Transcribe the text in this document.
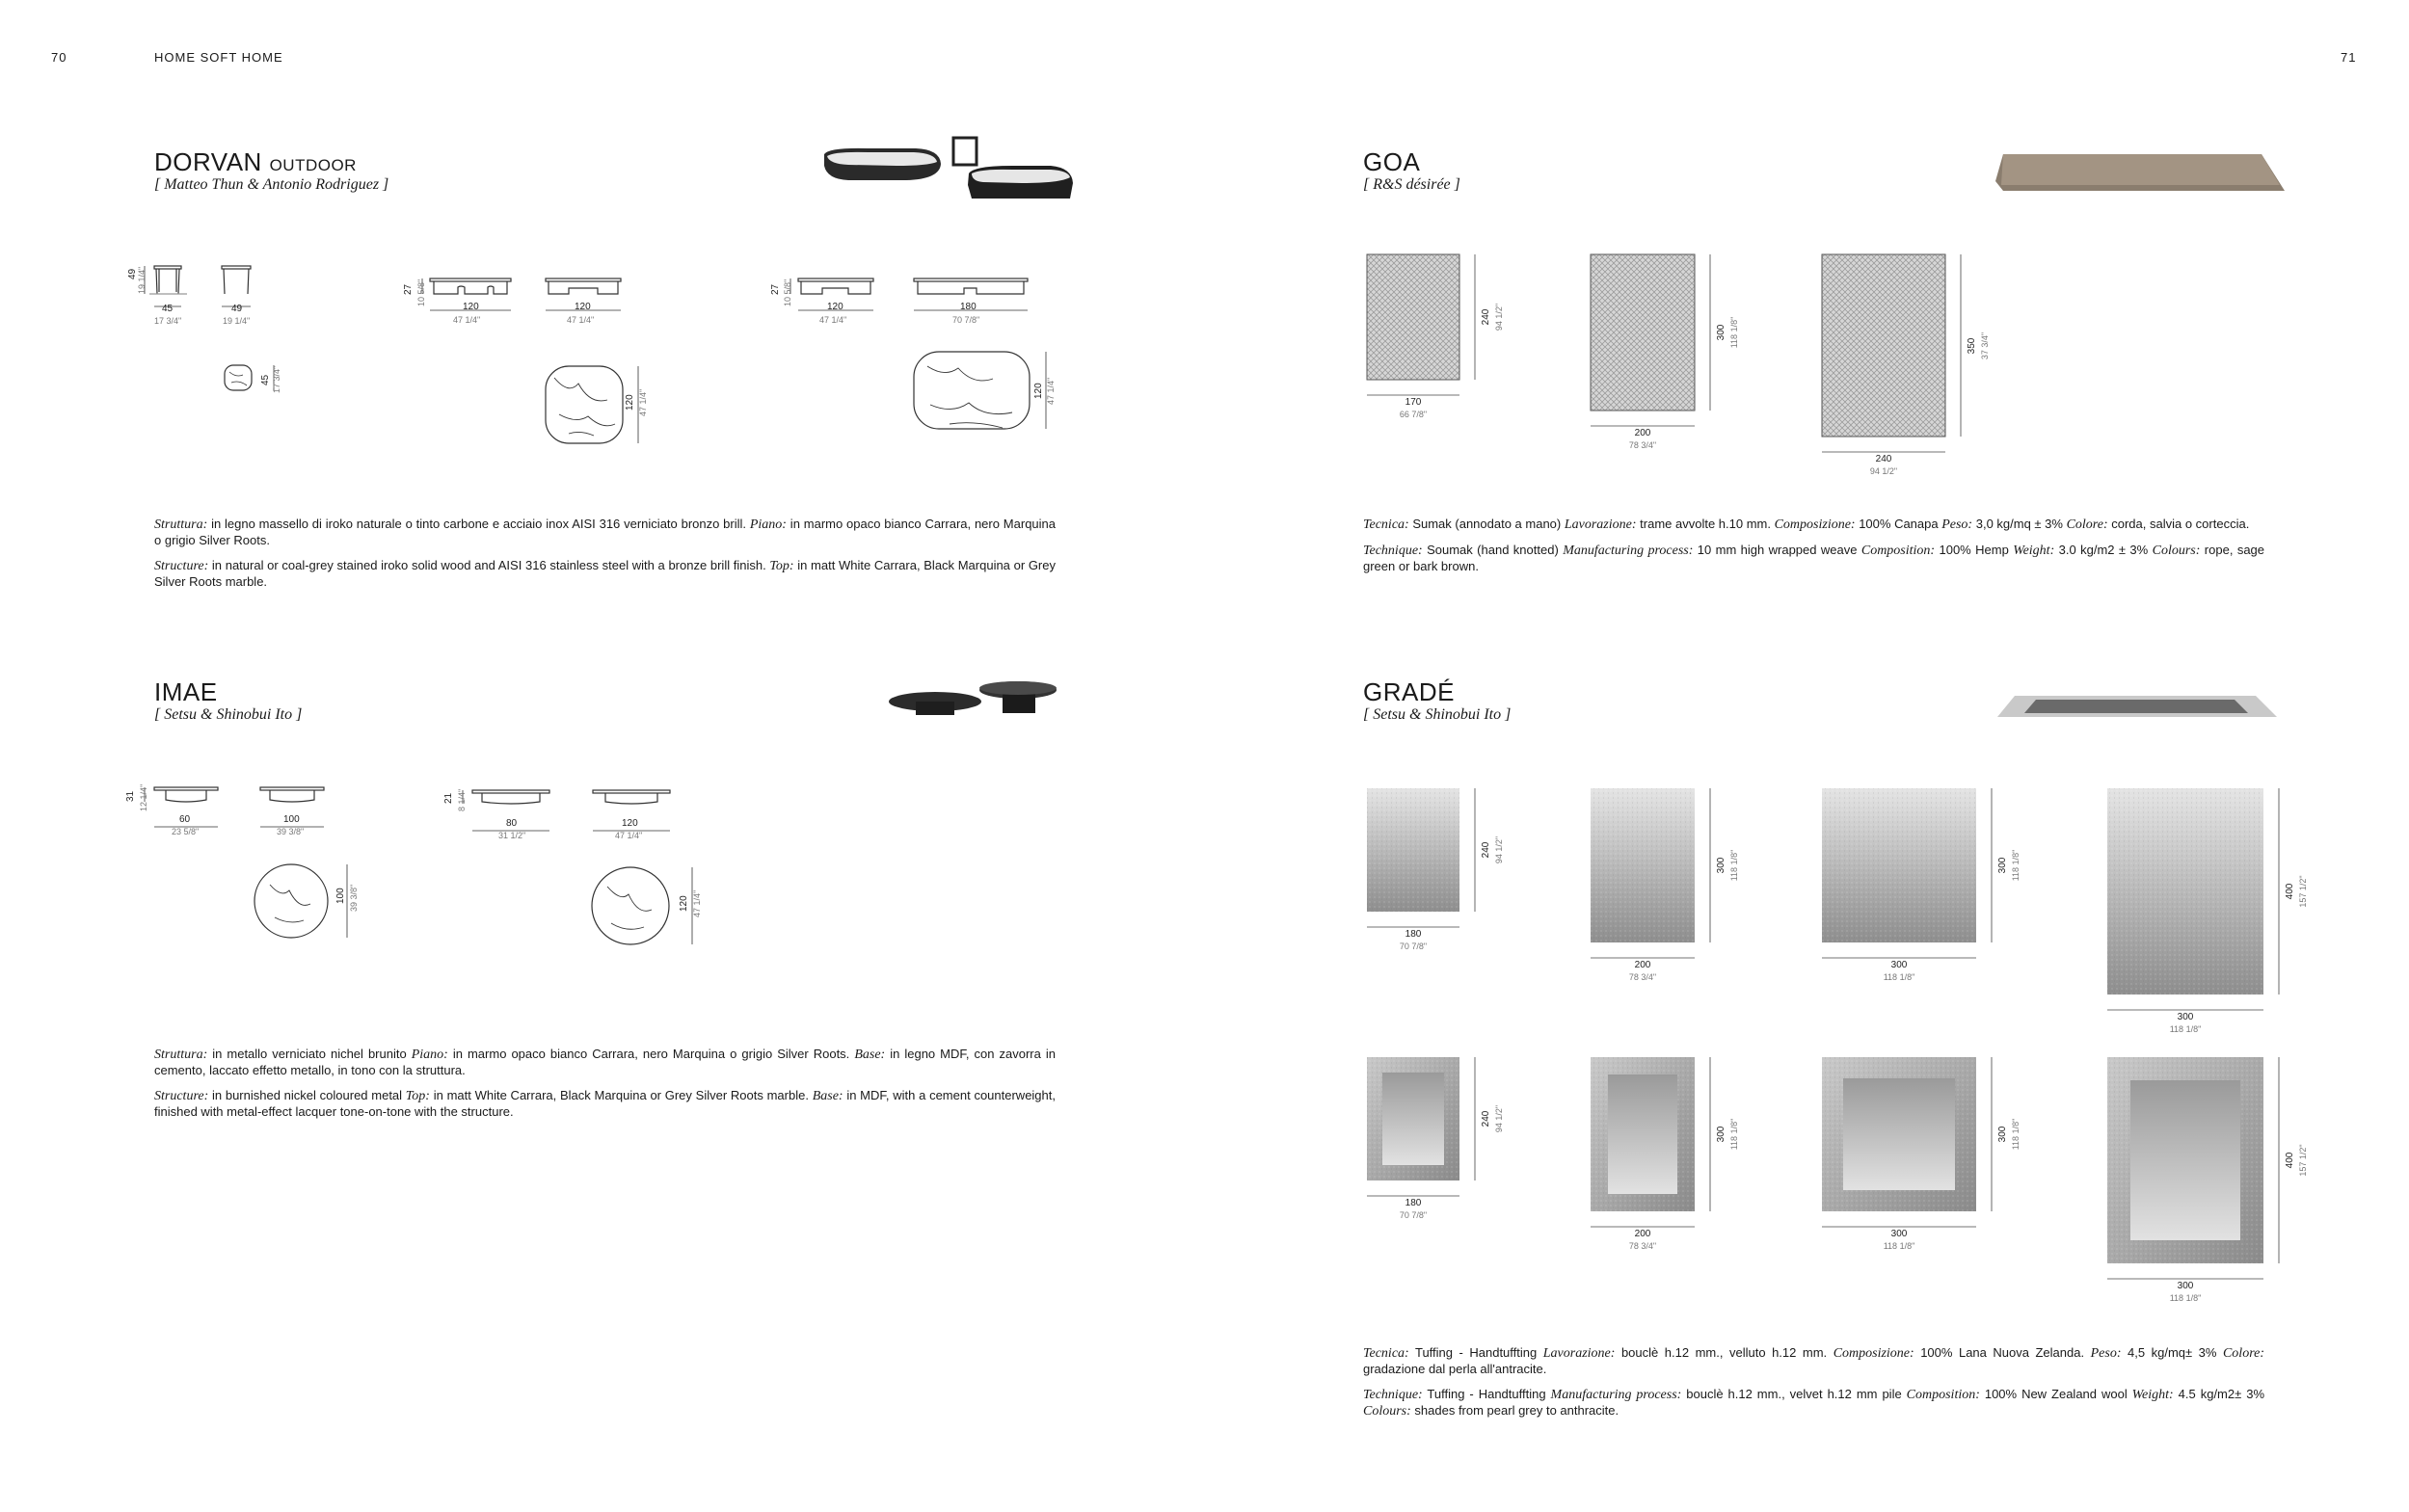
70	HOME SOFT HOME	71
DORVAN OUTDOOR
[ Matteo Thun & Antonio Rodriguez ]
49 19 1/4"
45
17 3/4"
49
19 1/4"
45 17 3/4"
27 10 5/8"
120
47 1/4"
120
47 1/4"
120 47 1/4"
27 10 5/8"
120
47 1/4"
180
70 7/8"
120 47 1/4"

Struttura: in legno massello di iroko naturale o tinto carbone e acciaio inox AISI 316 verniciato bronzo brill. Piano: in marmo opaco bianco Carrara, nero Marquina o grigio Silver Roots.

Structure: in natural or coal-grey stained iroko solid wood and AISI 316 stainless steel with a bronze brill finish. Top: in matt White Carrara, Black Marquina or Grey Silver Roots marble.

IMAE
[ Setsu & Shinobui Ito ]
31 12 1/4"
60
23 5/8"
100
39 3/8"
100 39 3/8"
21 8 1/4"
80
31 1/2"
120
47 1/4"
120 47 1/4"

Struttura: in metallo verniciato nichel brunito Piano: in marmo opaco bianco Carrara, nero Marquina o grigio Silver Roots. Base: in legno MDF, con zavorra in cemento, laccato effetto metallo, in tono con la struttura.

Structure: in burnished nickel coloured metal Top: in matt White Carrara, Black Marquina or Grey Silver Roots marble. Base: in MDF, with a cement counterweight, finished with metal-effect lacquer tone-on-tone with the structure.

GOA
[ R&S désirée ]
170
66 7/8"
240 94 1/2"
200
78 3/4"
300 118 1/8"
240
94 1/2"
350 37 3/4"

Tecnica: Sumak (annodato a mano) Lavorazione: trame avvolte h.10 mm. Composizione: 100% Canapa Peso: 3,0 kg/mq ± 3% Colore: corda, salvia o corteccia.

Technique: Soumak (hand knotted) Manufacturing process: 10 mm high wrapped weave Composition: 100% Hemp Weight: 3.0 kg/m2 ± 3% Colours: rope, sage green or bark brown.

GRADÉ
[ Setsu & Shinobui Ito ]
180
70 7/8"
240 94 1/2"
200
78 3/4"
300 118 1/8"
300
118 1/8"
300 118 1/8"
300
118 1/8"
400 157 1/2"
180
70 7/8"
240 94 1/2"
200
78 3/4"
300 118 1/8"
300
118 1/8"
300 118 1/8"
300
118 1/8"
400 157 1/2"

Tecnica: Tuffing - Handtuffting Lavorazione: bouclè h.12 mm., velluto h.12 mm. Composizione: 100% Lana Nuova Zelanda. Peso: 4,5 kg/mq± 3% Colore: gradazione dal perla all'antracite.

Technique: Tuffing - Handtuffting Manufacturing process: bouclè h.12 mm., velvet h.12 mm pile Composition: 100% New Zealand wool Weight: 4.5 kg/m2± 3% Colours: shades from pearl grey to anthracite.
